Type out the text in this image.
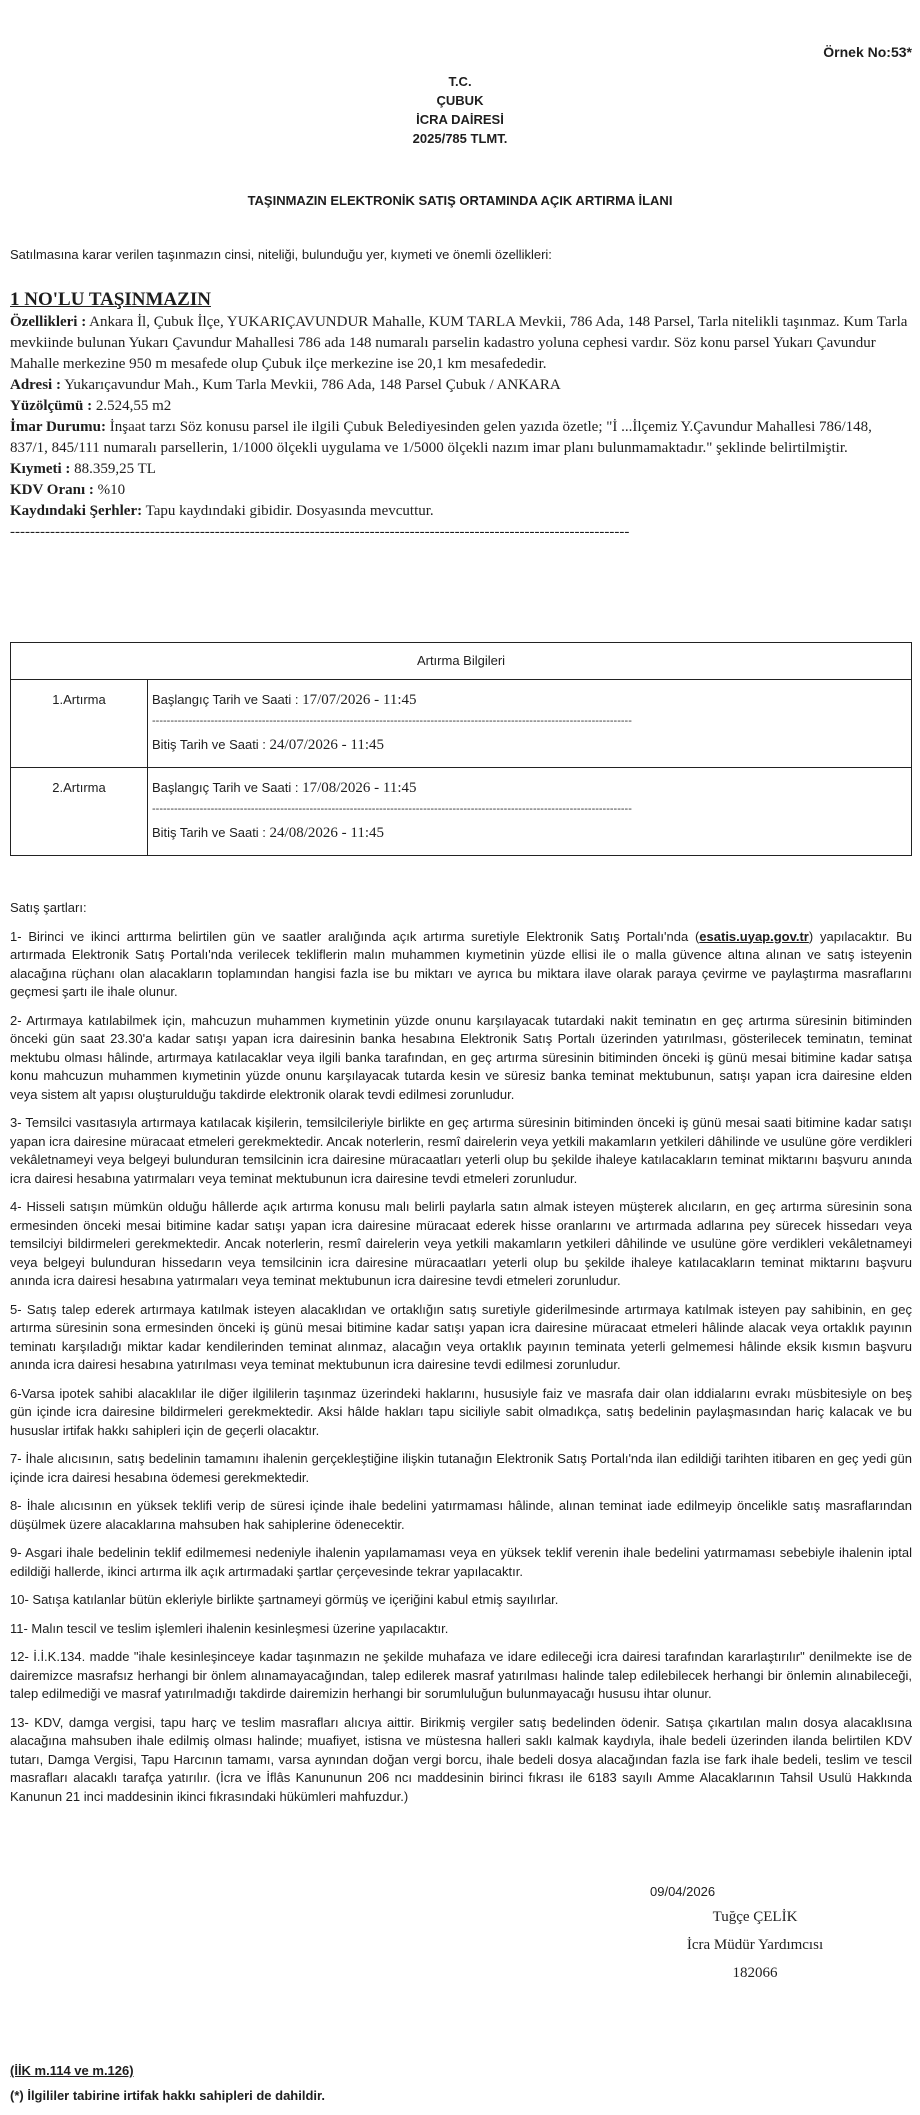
Örnek No:53*
T.C.
ÇUBUK
İCRA DAİRESİ
2025/785 TLMT.
TAŞINMAZIN ELEKTRONİK SATIŞ ORTAMINDA AÇIK ARTIRMA İLANI
Satılmasına karar verilen taşınmazın cinsi, niteliği, bulunduğu yer, kıymeti ve önemli özellikleri:
1 NO'LU TAŞINMAZIN
Özellikleri : Ankara İl, Çubuk İlçe, YUKARIÇAVUNDUR Mahalle, KUM TARLA Mevkii, 786 Ada, 148 Parsel, Tarla nitelikli taşınmaz. Kum Tarla mevkiinde bulunan Yukarı Çavundur Mahallesi 786 ada 148 numaralı parselin kadastro yoluna cephesi vardır. Söz konu parsel Yukarı Çavundur Mahalle merkezine 950 m mesafede olup Çubuk ilçe merkezine ise 20,1 km mesafededir.
Adresi : Yukarıçavundur Mah., Kum Tarla Mevkii, 786 Ada, 148 Parsel Çubuk / ANKARA
Yüzölçümü : 2.524,55 m2
İmar Durumu: İnşaat tarzı Söz konusu parsel ile ilgili Çubuk Belediyesinden gelen yazıda özetle; "İ ...İlçemiz Y.Çavundur Mahallesi 786/148, 837/1, 845/111 numaralı parsellerin, 1/1000 ölçekli uygulama ve 1/5000 ölçekli nazım imar planı bulunmamaktadır." şeklinde belirtilmiştir.
Kıymeti : 88.359,25 TL
KDV Oranı : %10
Kaydındaki Şerhler: Tapu kaydındaki gibidir. Dosyasında mevcuttur.
----------------------------------------------------------------------------------------------------------------------------
Artırma Bilgileri	
1.Artırma	Başlangıç Tarih ve Saati : 17/07/2026 - 11:45
-----------------------------------------------------------------------------------------------------------------------------------
Bitiş Tarih ve Saati : 24/07/2026 - 11:45

2.Artırma	Başlangıç Tarih ve Saati : 17/08/2026 - 11:45
-----------------------------------------------------------------------------------------------------------------------------------
Bitiş Tarih ve Saati : 24/08/2026 - 11:45

Satış şartları:

1- Birinci ve ikinci arttırma belirtilen gün ve saatler aralığında açık artırma suretiyle Elektronik Satış Portalı'nda (esatis.uyap.gov.tr) yapılacaktır. Bu artırmada Elektronik Satış Portalı'nda verilecek tekliflerin malın muhammen kıymetinin yüzde ellisi ile o malla güvence altına alınan ve satış isteyenin alacağına rüçhanı olan alacakların toplamından hangisi fazla ise bu miktarı ve ayrıca bu miktara ilave olarak paraya çevirme ve paylaştırma masraflarını geçmesi şartı ile ihale olunur.

2- Artırmaya katılabilmek için, mahcuzun muhammen kıymetinin yüzde onunu karşılayacak tutardaki nakit teminatın en geç artırma süresinin bitiminden önceki gün saat 23.30'a kadar satışı yapan icra dairesinin banka hesabına Elektronik Satış Portalı üzerinden yatırılması, gösterilecek teminatın, teminat mektubu olması hâlinde, artırmaya katılacaklar veya ilgili banka tarafından, en geç artırma süresinin bitiminden önceki iş günü mesai bitimine kadar satışa konu mahcuzun muhammen kıymetinin yüzde onunu karşılayacak tutarda kesin ve süresiz banka teminat mektubunun, satışı yapan icra dairesine elden veya sistem alt yapısı oluşturulduğu takdirde elektronik olarak tevdi edilmesi zorunludur.

3- Temsilci vasıtasıyla artırmaya katılacak kişilerin, temsilcileriyle birlikte en geç artırma süresinin bitiminden önceki iş günü mesai saati bitimine kadar satışı yapan icra dairesine müracaat etmeleri gerekmektedir. Ancak noterlerin, resmî dairelerin veya yetkili makamların yetkileri dâhilinde ve usulüne göre verdikleri vekâletnameyi veya belgeyi bulunduran temsilcinin icra dairesine müracaatları yeterli olup bu şekilde ihaleye katılacakların teminat miktarını başvuru anında icra dairesi hesabına yatırmaları veya teminat mektubunun icra dairesine tevdi etmeleri zorunludur.

4- Hisseli satışın mümkün olduğu hâllerde açık artırma konusu malı belirli paylarla satın almak isteyen müşterek alıcıların, en geç artırma süresinin sona ermesinden önceki mesai bitimine kadar satışı yapan icra dairesine müracaat ederek hisse oranlarını ve artırmada adlarına pey sürecek hissedarı veya temsilciyi bildirmeleri gerekmektedir. Ancak noterlerin, resmî dairelerin veya yetkili makamların yetkileri dâhilinde ve usulüne göre verdikleri vekâletnameyi veya belgeyi bulunduran hissedarın veya temsilcinin icra dairesine müracaatları yeterli olup bu şekilde ihaleye katılacakların teminat miktarını başvuru anında icra dairesi hesabına yatırmaları veya teminat mektubunun icra dairesine tevdi etmeleri zorunludur.

5- Satış talep ederek artırmaya katılmak isteyen alacaklıdan ve ortaklığın satış suretiyle giderilmesinde artırmaya katılmak isteyen pay sahibinin, en geç artırma süresinin sona ermesinden önceki iş günü mesai bitimine kadar satışı yapan icra dairesine müracaat etmeleri hâlinde alacak veya ortaklık payının teminatı karşıladığı miktar kadar kendilerinden teminat alınmaz, alacağın veya ortaklık payının teminata yeterli gelmemesi hâlinde eksik kısmın başvuru anında icra dairesi hesabına yatırılması veya teminat mektubunun icra dairesine tevdi edilmesi zorunludur.

6-Varsa ipotek sahibi alacaklılar ile diğer ilgililerin taşınmaz üzerindeki haklarını, hususiyle faiz ve masrafa dair olan iddialarını evrakı müsbitesiyle on beş gün içinde icra dairesine bildirmeleri gerekmektedir. Aksi hâlde hakları tapu siciliyle sabit olmadıkça, satış bedelinin paylaşmasından hariç kalacak ve bu hususlar irtifak hakkı sahipleri için de geçerli olacaktır.

7- İhale alıcısının, satış bedelinin tamamını ihalenin gerçekleştiğine ilişkin tutanağın Elektronik Satış Portalı'nda ilan edildiği tarihten itibaren en geç yedi gün içinde icra dairesi hesabına ödemesi gerekmektedir.

8- İhale alıcısının en yüksek teklifi verip de süresi içinde ihale bedelini yatırmaması hâlinde, alınan teminat iade edilmeyip öncelikle satış masraflarından düşülmek üzere alacaklarına mahsuben hak sahiplerine ödenecektir.

9- Asgari ihale bedelinin teklif edilmemesi nedeniyle ihalenin yapılamaması veya en yüksek teklif verenin ihale bedelini yatırmaması sebebiyle ihalenin iptal edildiği hallerde, ikinci artırma ilk açık artırmadaki şartlar çerçevesinde tekrar yapılacaktır.

10- Satışa katılanlar bütün ekleriyle birlikte şartnameyi görmüş ve içeriğini kabul etmiş sayılırlar.

11- Malın tescil ve teslim işlemleri ihalenin kesinleşmesi üzerine yapılacaktır.

12- İ.İ.K.134. madde "ihale kesinleşinceye kadar taşınmazın ne şekilde muhafaza ve idare edileceği icra dairesi tarafından kararlaştırılır" denilmekte ise de dairemizce masrafsız herhangi bir önlem alınamayacağından, talep edilerek masraf yatırılması halinde talep edilebilecek herhangi bir önlemin alınabileceği, talep edilmediği ve masraf yatırılmadığı takdirde dairemizin herhangi bir sorumluluğun bulunmayacağı hususu ihtar olunur.

13- KDV, damga vergisi, tapu harç ve teslim masrafları alıcıya aittir. Birikmiş vergiler satış bedelinden ödenir. Satışa çıkartılan malın dosya alacaklısına alacağına mahsuben ihale edilmiş olması halinde; muafiyet, istisna ve müstesna halleri saklı kalmak kaydıyla, ihale bedeli üzerinden ilanda belirtilen KDV tutarı, Damga Vergisi, Tapu Harcının tamamı, varsa aynından doğan vergi borcu, ihale bedeli dosya alacağından fazla ise fark ihale bedeli, teslim ve tescil masrafları alacaklı tarafça yatırılır. (İcra ve İflâs Kanununun 206 ncı maddesinin birinci fıkrası ile 6183 sayılı Amme Alacaklarının Tahsil Usulü Hakkında Kanunun 21 inci maddesinin ikinci fıkrasındaki hükümleri mahfuzdur.)

09/04/2026
Tuğçe ÇELİK
İcra Müdür Yardımcısı
182066
(İİK m.114 ve m.126)
(*) İlgililer tabirine irtifak hakkı sahipleri de dahildir.
